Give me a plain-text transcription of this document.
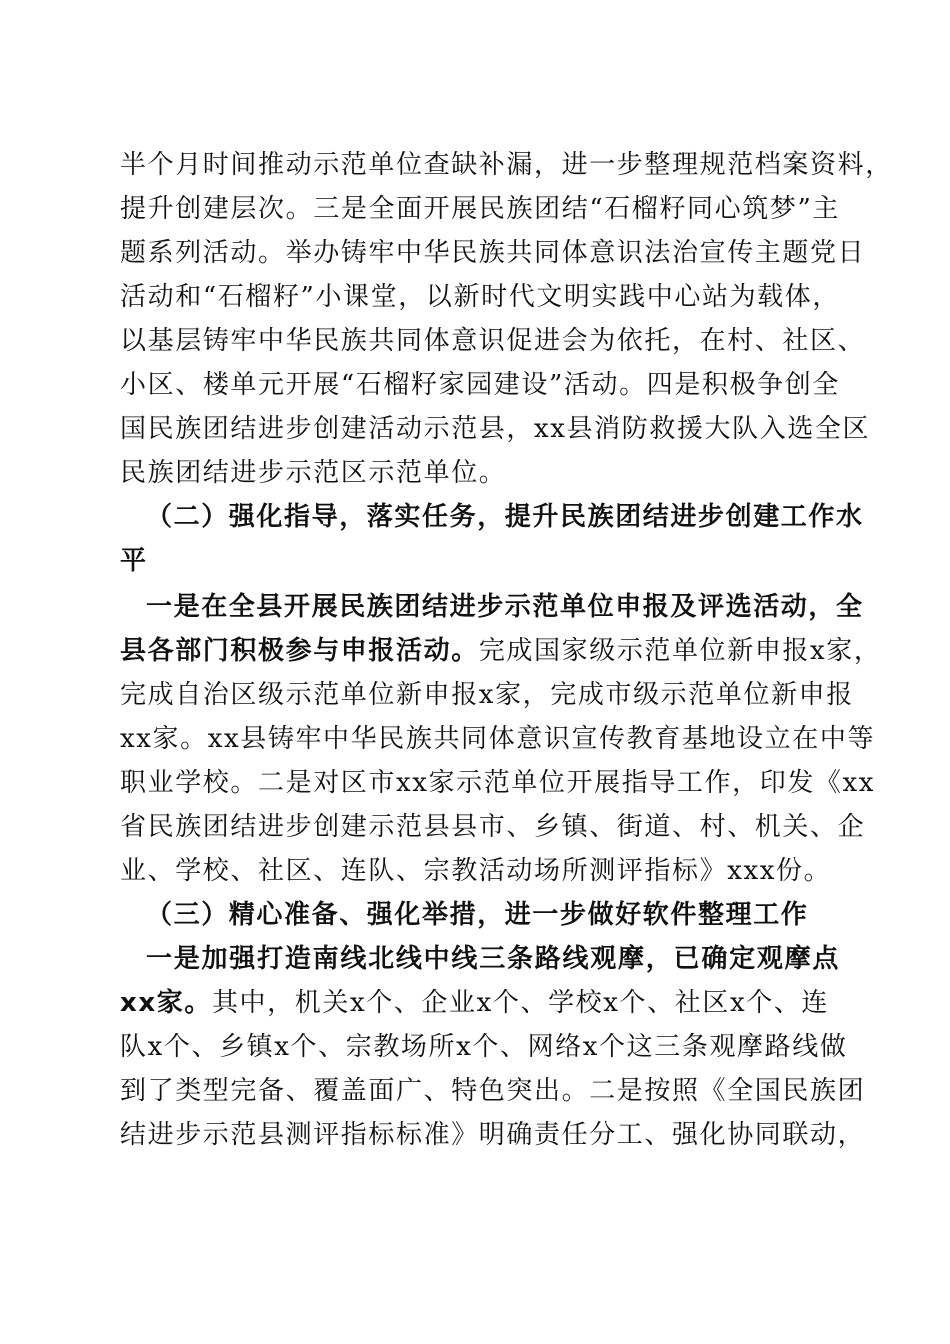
半个月时间推动示范单位查缺补漏，进一步整理规范档案资料，
提升创建层次。三是全面开展民族团结“石榴籽同心筑梦”主
题系列活动。举办铸牢中华民族共同体意识法治宣传主题党日
活动和“石榴籽”小课堂，以新时代文明实践中心站为载体，
以基层铸牢中华民族共同体意识促进会为依托，在村、社区、
小区、楼单元开展“石榴籽家园建设”活动。四是积极争创全
国民族团结进步创建活动示范县，xx县消防救援大队入选全区
民族团结进步示范区示范单位。
（二）强化指导，落实任务，提升民族团结进步创建工作水
平
一是在全县开展民族团结进步示范单位申报及评选活动，全
县各部门积极参与申报活动。完成国家级示范单位新申报x家，
完成自治区级示范单位新申报x家，完成市级示范单位新申报
xx家。xx县铸牢中华民族共同体意识宣传教育基地设立在中等
职业学校。二是对区市xx家示范单位开展指导工作，印发《xx
省民族团结进步创建示范县县市、乡镇、街道、村、机关、企
业、学校、社区、连队、宗教活动场所测评指标》xxx份。
（三）精心准备、强化举措，进一步做好软件整理工作
一是加强打造南线北线中线三条路线观摩，已确定观摩点
xx家。其中，机关x个、企业x个、学校x个、社区x个、连
队x个、乡镇x个、宗教场所x个、网络x个这三条观摩路线做
到了类型完备、覆盖面广、特色突出。二是按照《全国民族团
结进步示范县测评指标标准》明确责任分工、强化协同联动，
